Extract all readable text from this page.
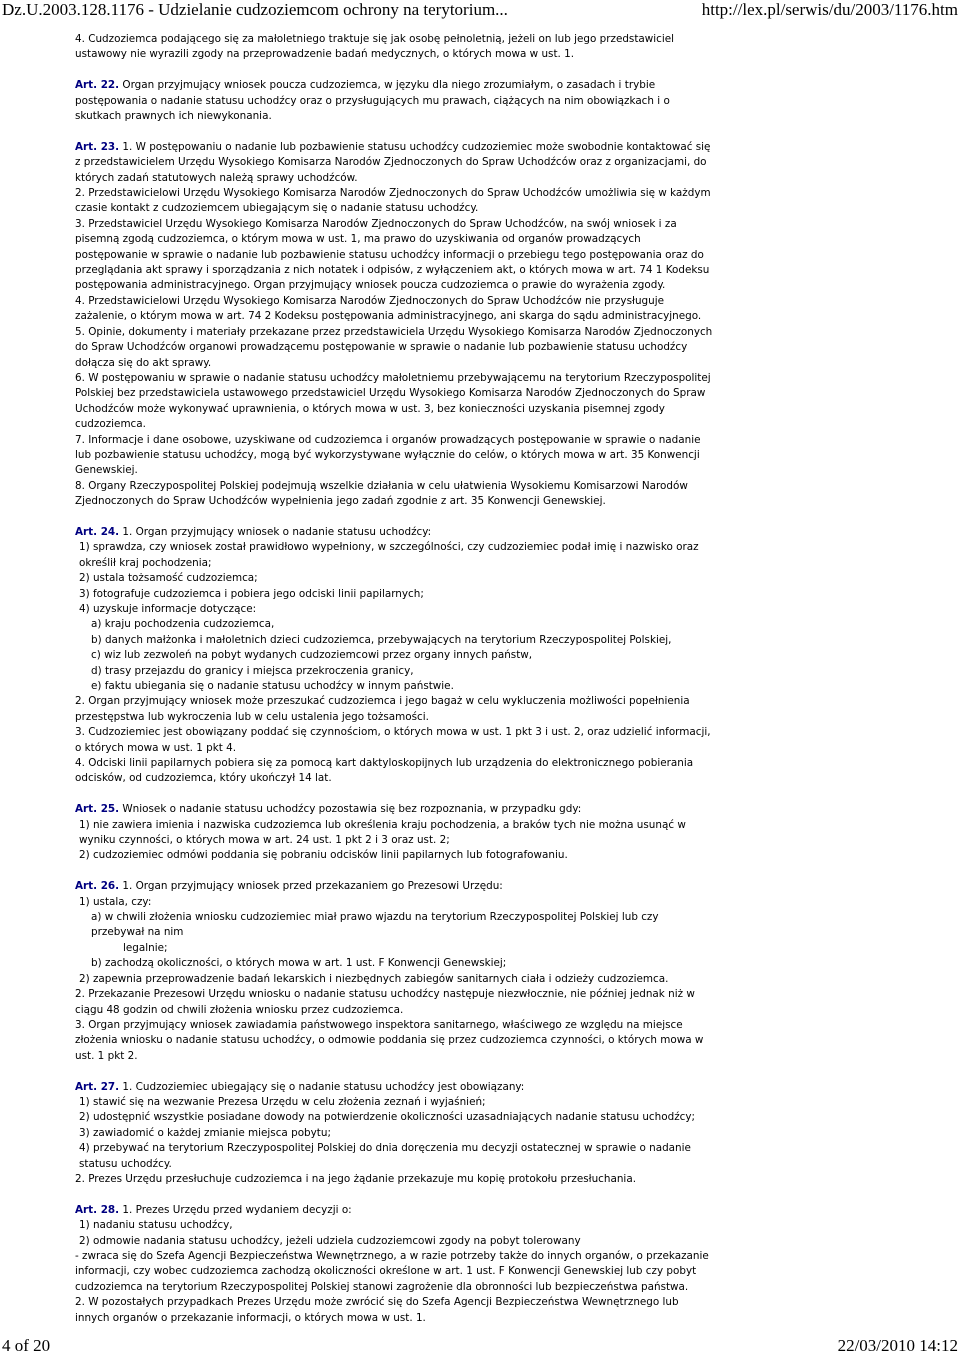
Dz.U.2003.128.1176 - Udzielanie cudzoziemcom ochrony na terytorium...	http://lex.pl/serwis/du/2003/1176.htm

4. Cudzoziemca podającego się za małoletniego traktuje się jak osobę pełnoletnią, jeżeli on lub jego przedstawiciel ustawowy nie wyrazili zgody na przeprowadzenie badań medycznych, o których mowa w ust. 1.

Art. 22. Organ przyjmujący wniosek poucza cudzoziemca, w języku dla niego zrozumiałym, o zasadach i trybie postępowania o nadanie statusu uchodźcy oraz o przysługujących mu prawach, ciążących na nim obowiązkach i o skutkach prawnych ich niewykonania.

Art. 23. 1. W postępowaniu o nadanie lub pozbawienie statusu uchodźcy cudzoziemiec może swobodnie kontaktować się z przedstawicielem Urzędu Wysokiego Komisarza Narodów Zjednoczonych do Spraw Uchodźców oraz z organizacjami, do których zadań statutowych należą sprawy uchodźców.

2. Przedstawicielowi Urzędu Wysokiego Komisarza Narodów Zjednoczonych do Spraw Uchodźców umożliwia się w każdym czasie kontakt z cudzoziemcem ubiegającym się o nadanie statusu uchodźcy.

3. Przedstawiciel Urzędu Wysokiego Komisarza Narodów Zjednoczonych do Spraw Uchodźców, na swój wniosek i za pisemną zgodą cudzoziemca, o którym mowa w ust. 1, ma prawo do uzyskiwania od organów prowadzących postępowanie w sprawie o nadanie lub pozbawienie statusu uchodźcy informacji o przebiegu tego postępowania oraz do przeglądania akt sprawy i sporządzania z nich notatek i odpisów, z wyłączeniem akt, o których mowa w art. 74 1 Kodeksu postępowania administracyjnego. Organ przyjmujący wniosek poucza cudzoziemca o prawie do wyrażenia zgody.

4. Przedstawicielowi Urzędu Wysokiego Komisarza Narodów Zjednoczonych do Spraw Uchodźców nie przysługuje zażalenie, o którym mowa w art. 74 2 Kodeksu postępowania administracyjnego, ani skarga do sądu administracyjnego.

5. Opinie, dokumenty i materiały przekazane przez przedstawiciela Urzędu Wysokiego Komisarza Narodów Zjednoczonych do Spraw Uchodźców organowi prowadzącemu postępowanie w sprawie o nadanie lub pozbawienie statusu uchodźcy dołącza się do akt sprawy.

6. W postępowaniu w sprawie o nadanie statusu uchodźcy małoletniemu przebywającemu na terytorium Rzeczypospolitej Polskiej bez przedstawiciela ustawowego przedstawiciel Urzędu Wysokiego Komisarza Narodów Zjednoczonych do Spraw Uchodźców może wykonywać uprawnienia, o których mowa w ust. 3, bez konieczności uzyskania pisemnej zgody cudzoziemca.

7. Informacje i dane osobowe, uzyskiwane od cudzoziemca i organów prowadzących postępowanie w sprawie o nadanie lub pozbawienie statusu uchodźcy, mogą być wykorzystywane wyłącznie do celów, o których mowa w art. 35 Konwencji Genewskiej.

8. Organy Rzeczypospolitej Polskiej podejmują wszelkie działania w celu ułatwienia Wysokiemu Komisarzowi Narodów Zjednoczonych do Spraw Uchodźców wypełnienia jego zadań zgodnie z art. 35 Konwencji Genewskiej.

Art. 24. 1. Organ przyjmujący wniosek o nadanie statusu uchodźcy:

1) sprawdza, czy wniosek został prawidłowo wypełniony, w szczególności, czy cudzoziemiec podał imię i nazwisko oraz określił kraj pochodzenia;

2) ustala tożsamość cudzoziemca;

3) fotografuje cudzoziemca i pobiera jego odciski linii papilarnych;

4) uzyskuje informacje dotyczące:

a) kraju pochodzenia cudzoziemca,

b) danych małżonka i małoletnich dzieci cudzoziemca, przebywających na terytorium Rzeczypospolitej Polskiej,

c) wiz lub zezwoleń na pobyt wydanych cudzoziemcowi przez organy innych państw,

d) trasy przejazdu do granicy i miejsca przekroczenia granicy,

e) faktu ubiegania się o nadanie statusu uchodźcy w innym państwie.

2. Organ przyjmujący wniosek może przeszukać cudzoziemca i jego bagaż w celu wykluczenia możliwości popełnienia przestępstwa lub wykroczenia lub w celu ustalenia jego tożsamości.

3. Cudzoziemiec jest obowiązany poddać się czynnościom, o których mowa w ust. 1 pkt 3 i ust. 2, oraz udzielić informacji, o których mowa w ust. 1 pkt 4.

4. Odciski linii papilarnych pobiera się za pomocą kart daktyloskopijnych lub urządzenia do elektronicznego pobierania odcisków, od cudzoziemca, który ukończył 14 lat.

Art. 25. Wniosek o nadanie statusu uchodźcy pozostawia się bez rozpoznania, w przypadku gdy:

1) nie zawiera imienia i nazwiska cudzoziemca lub określenia kraju pochodzenia, a braków tych nie można usunąć w wyniku czynności, o których mowa w art. 24 ust. 1 pkt 2 i 3 oraz ust. 2;

2) cudzoziemiec odmówi poddania się pobraniu odcisków linii papilarnych lub fotografowaniu.

Art. 26. 1. Organ przyjmujący wniosek przed przekazaniem go Prezesowi Urzędu:

1) ustala, czy:

a) w chwili złożenia wniosku cudzoziemiec miał prawo wjazdu na terytorium Rzeczypospolitej Polskiej lub czy przebywał na nim

legalnie;

b) zachodzą okoliczności, o których mowa w art. 1 ust. F Konwencji Genewskiej;

2) zapewnia przeprowadzenie badań lekarskich i niezbędnych zabiegów sanitarnych ciała i odzieży cudzoziemca.

2. Przekazanie Prezesowi Urzędu wniosku o nadanie statusu uchodźcy następuje niezwłocznie, nie później jednak niż w ciągu 48 godzin od chwili złożenia wniosku przez cudzoziemca.

3. Organ przyjmujący wniosek zawiadamia państwowego inspektora sanitarnego, właściwego ze względu na miejsce złożenia wniosku o nadanie statusu uchodźcy, o odmowie poddania się przez cudzoziemca czynności, o których mowa w ust. 1 pkt 2.

Art. 27. 1. Cudzoziemiec ubiegający się o nadanie statusu uchodźcy jest obowiązany:

1) stawić się na wezwanie Prezesa Urzędu w celu złożenia zeznań i wyjaśnień;

2) udostępnić wszystkie posiadane dowody na potwierdzenie okoliczności uzasadniających nadanie statusu uchodźcy;

3) zawiadomić o każdej zmianie miejsca pobytu;

4) przebywać na terytorium Rzeczypospolitej Polskiej do dnia doręczenia mu decyzji ostatecznej w sprawie o nadanie statusu uchodźcy.

2. Prezes Urzędu przesłuchuje cudzoziemca i na jego żądanie przekazuje mu kopię protokołu przesłuchania.

Art. 28. 1. Prezes Urzędu przed wydaniem decyzji o:

1) nadaniu statusu uchodźcy,

2) odmowie nadania statusu uchodźcy, jeżeli udziela cudzoziemcowi zgody na pobyt tolerowany

- zwraca się do Szefa Agencji Bezpieczeństwa Wewnętrznego, a w razie potrzeby także do innych organów, o przekazanie informacji, czy wobec cudzoziemca zachodzą okoliczności określone w art. 1 ust. F Konwencji Genewskiej lub czy pobyt cudzoziemca na terytorium Rzeczypospolitej Polskiej stanowi zagrożenie dla obronności lub bezpieczeństwa państwa.

2. W pozostałych przypadkach Prezes Urzędu może zwrócić się do Szefa Agencji Bezpieczeństwa Wewnętrznego lub innych organów o przekazanie informacji, o których mowa w ust. 1.

4 of 20	22/03/2010 14:12
